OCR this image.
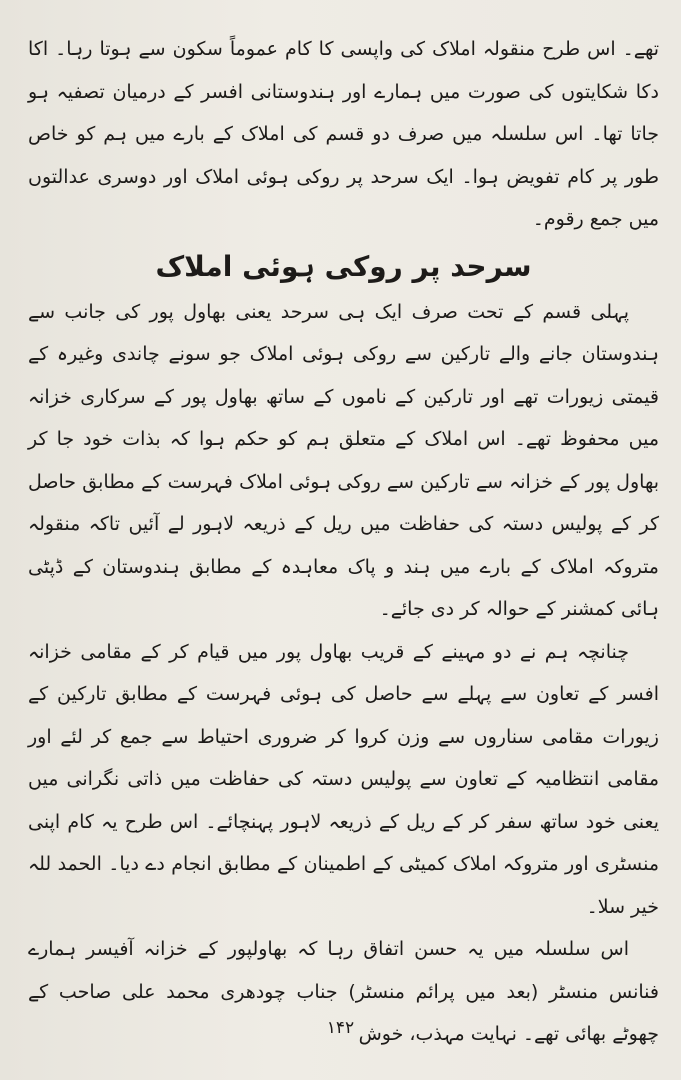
تھے۔ اس طرح منقولہ املاک کی واپسی کا کام عموماً سکون سے ہوتا رہا۔ اکا دکا شکایتوں کی صورت میں ہمارے اور ہندوستانی افسر کے درمیان تصفیہ ہو جاتا تھا۔ اس سلسلہ میں صرف دو قسم کی املاک کے بارے میں ہم کو خاص طور پر کام تفویض ہوا۔ ایک سرحد پر روکی ہوئی املاک اور دوسری عدالتوں میں جمع رقوم۔

سرحد پر روکی ہوئی املاک

پہلی قسم کے تحت صرف ایک ہی سرحد یعنی بھاول پور کی جانب سے ہندوستان جانے والے تارکین سے روکی ہوئی املاک جو سونے چاندی وغیرہ کے قیمتی زیورات تھے اور تارکین کے ناموں کے ساتھ بھاول پور کے سرکاری خزانہ میں محفوظ تھے۔ اس املاک کے متعلق ہم کو حکم ہوا کہ بذات خود جا کر بھاول پور کے خزانہ سے تارکین سے روکی ہوئی املاک فہرست کے مطابق حاصل کر کے پولیس دستہ کی حفاظت میں ریل کے ذریعہ لاہور لے آئیں تاکہ منقولہ متروکہ املاک کے بارے میں ہند و پاک معاہدہ کے مطابق ہندوستان کے ڈپٹی ہائی کمشنر کے حوالہ کر دی جائے۔

چنانچہ ہم نے دو مہینے کے قریب بھاول پور میں قیام کر کے مقامی خزانہ افسر کے تعاون سے پہلے سے حاصل کی ہوئی فہرست کے مطابق تارکین کے زیورات مقامی سناروں سے وزن کروا کر ضروری احتیاط سے جمع کر لئے اور مقامی انتظامیہ کے تعاون سے پولیس دستہ کی حفاظت میں ذاتی نگرانی میں یعنی خود ساتھ سفر کر کے ریل کے ذریعہ لاہور پہنچائے۔ اس طرح یہ کام اپنی منسٹری اور متروکہ املاک کمیٹی کے اطمینان کے مطابق انجام دے دیا۔ الحمد للہ خیر سلا۔

اس سلسلہ میں یہ حسن اتفاق رہا کہ بھاولپور کے خزانہ آفیسر ہمارے فنانس منسٹر (بعد میں پرائم منسٹر) جناب چودھری محمد علی صاحب کے چھوٹے بھائی تھے۔ نہایت مہذب، خوش

۱۴۲
